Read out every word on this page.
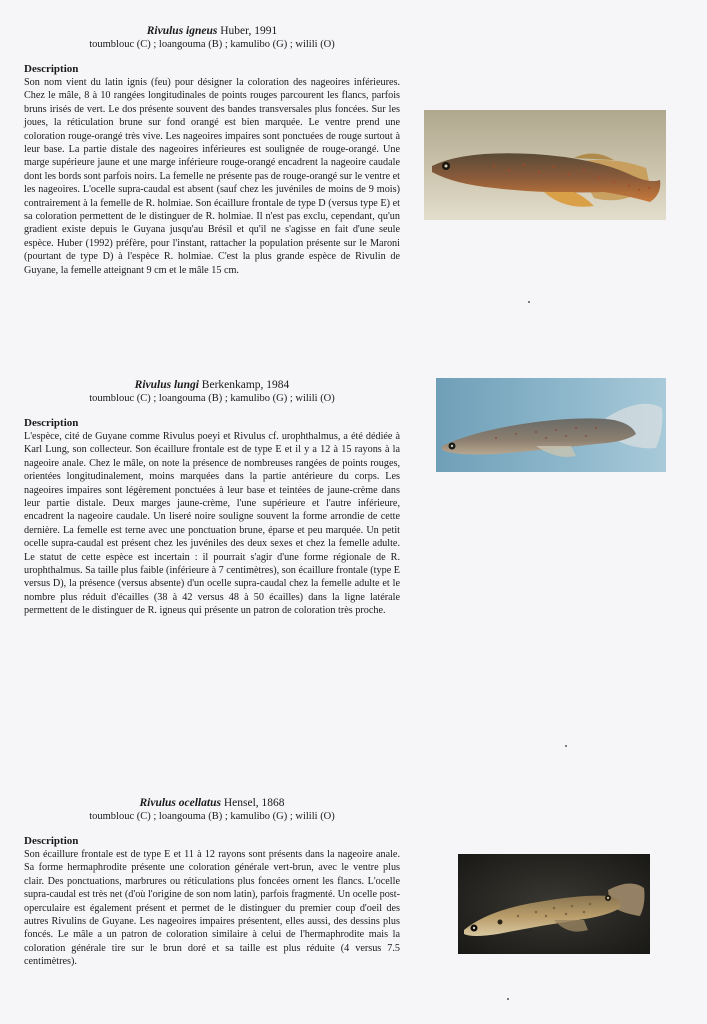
Rivulus igneus Huber, 1991

toumblouc (C) ; loangouma (B) ; kamulibo (G) ; wilili (O)

Description

Son nom vient du latin ignis (feu) pour désigner la coloration des nageoires inférieures. Chez le mâle, 8 à 10 rangées longitudinales de points rouges parcourent les flancs, parfois bruns irisés de vert. Le dos présente souvent des bandes transversales plus foncées. Sur les joues, la réticulation brune sur fond orangé est bien marquée. Le ventre prend une coloration rouge-orangé très vive. Les nageoires impaires sont ponctuées de rouge surtout à leur base. La partie distale des nageoires inférieures est soulignée de rouge-orangé. Une marge supérieure jaune et une marge inférieure rouge-orangé encadrent la nageoire caudale dont les bords sont parfois noirs. La femelle ne présente pas de rouge-orangé sur le ventre et les nageoires. L'ocelle supra-caudal est absent (sauf chez les juvéniles de moins de 9 mois) contrairement à la femelle de R. holmiae. Son écaillure frontale de type D (versus type E) et sa coloration permettent de le distinguer de R. holmiae. Il n'est pas exclu, cependant, qu'un gradient existe depuis le Guyana jusqu'au Brésil et qu'il ne s'agisse en fait d'une seule espèce. Huber (1992) préfère, pour l'instant, rattacher la population présente sur le Maroni (pourtant de type D) à l'espèce R. holmiae. C'est la plus grande espèce de Rivulin de Guyane, la femelle atteignant 9 cm et le mâle 15 cm.

Rivulus lungi Berkenkamp, 1984

toumblouc (C) ; loangouma (B) ; kamulibo (G) ; wilili (O)

Description

L'espèce, cité de Guyane comme Rivulus poeyi et Rivulus cf. urophthalmus, a été dédiée à Karl Lung, son collecteur. Son écaillure frontale est de type E et il y a 12 à 15 rayons à la nageoire anale. Chez le mâle, on note la présence de nombreuses rangées de points rouges, orientées longitudinalement, moins marquées dans la partie antérieure du corps. Les nageoires impaires sont légèrement ponctuées à leur base et teintées de jaune-crème dans leur partie distale. Deux marges jaune-crème, l'une supérieure et l'autre inférieure, encadrent la nageoire caudale. Un liseré noire souligne souvent la forme arrondie de cette dernière. La femelle est terne avec une ponctuation brune, éparse et peu marquée. Un petit ocelle supra-caudal est présent chez les juvéniles des deux sexes et chez la femelle adulte. Le statut de cette espèce est incertain : il pourrait s'agir d'une forme régionale de R. urophthalmus. Sa taille plus faible (inférieure à 7 centimètres), son écaillure frontale (type E versus D), la présence (versus absente) d'un ocelle supra-caudal chez la femelle adulte et le nombre plus réduit d'écailles (38 à 42 versus 48 à 50 écailles) dans la ligne latérale permettent de le distinguer de R. igneus qui présente un patron de coloration très proche.

Rivulus ocellatus Hensel, 1868

toumblouc (C) ; loangouma (B) ; kamulibo (G) ; wilili (O)

Description

Son écaillure frontale est de type E et 11 à 12 rayons sont présents dans la nageoire anale. Sa forme hermaphrodite présente une coloration générale vert-brun, avec le ventre plus clair. Des ponctuations, marbrures ou réticulations plus foncées ornent les flancs. L'ocelle supra-caudal est très net (d'où l'origine de son nom latin), parfois fragmenté. Un ocelle post-operculaire est également présent et permet de le distinguer du premier coup d'oeil des autres Rivulins de Guyane. Les nageoires impaires présentent, elles aussi, des dessins plus foncés. Le mâle a un patron de coloration similaire à celui de l'hermaphrodite mais la coloration générale tire sur le brun doré et sa taille est plus réduite (4 versus 7.5 centimètres).
